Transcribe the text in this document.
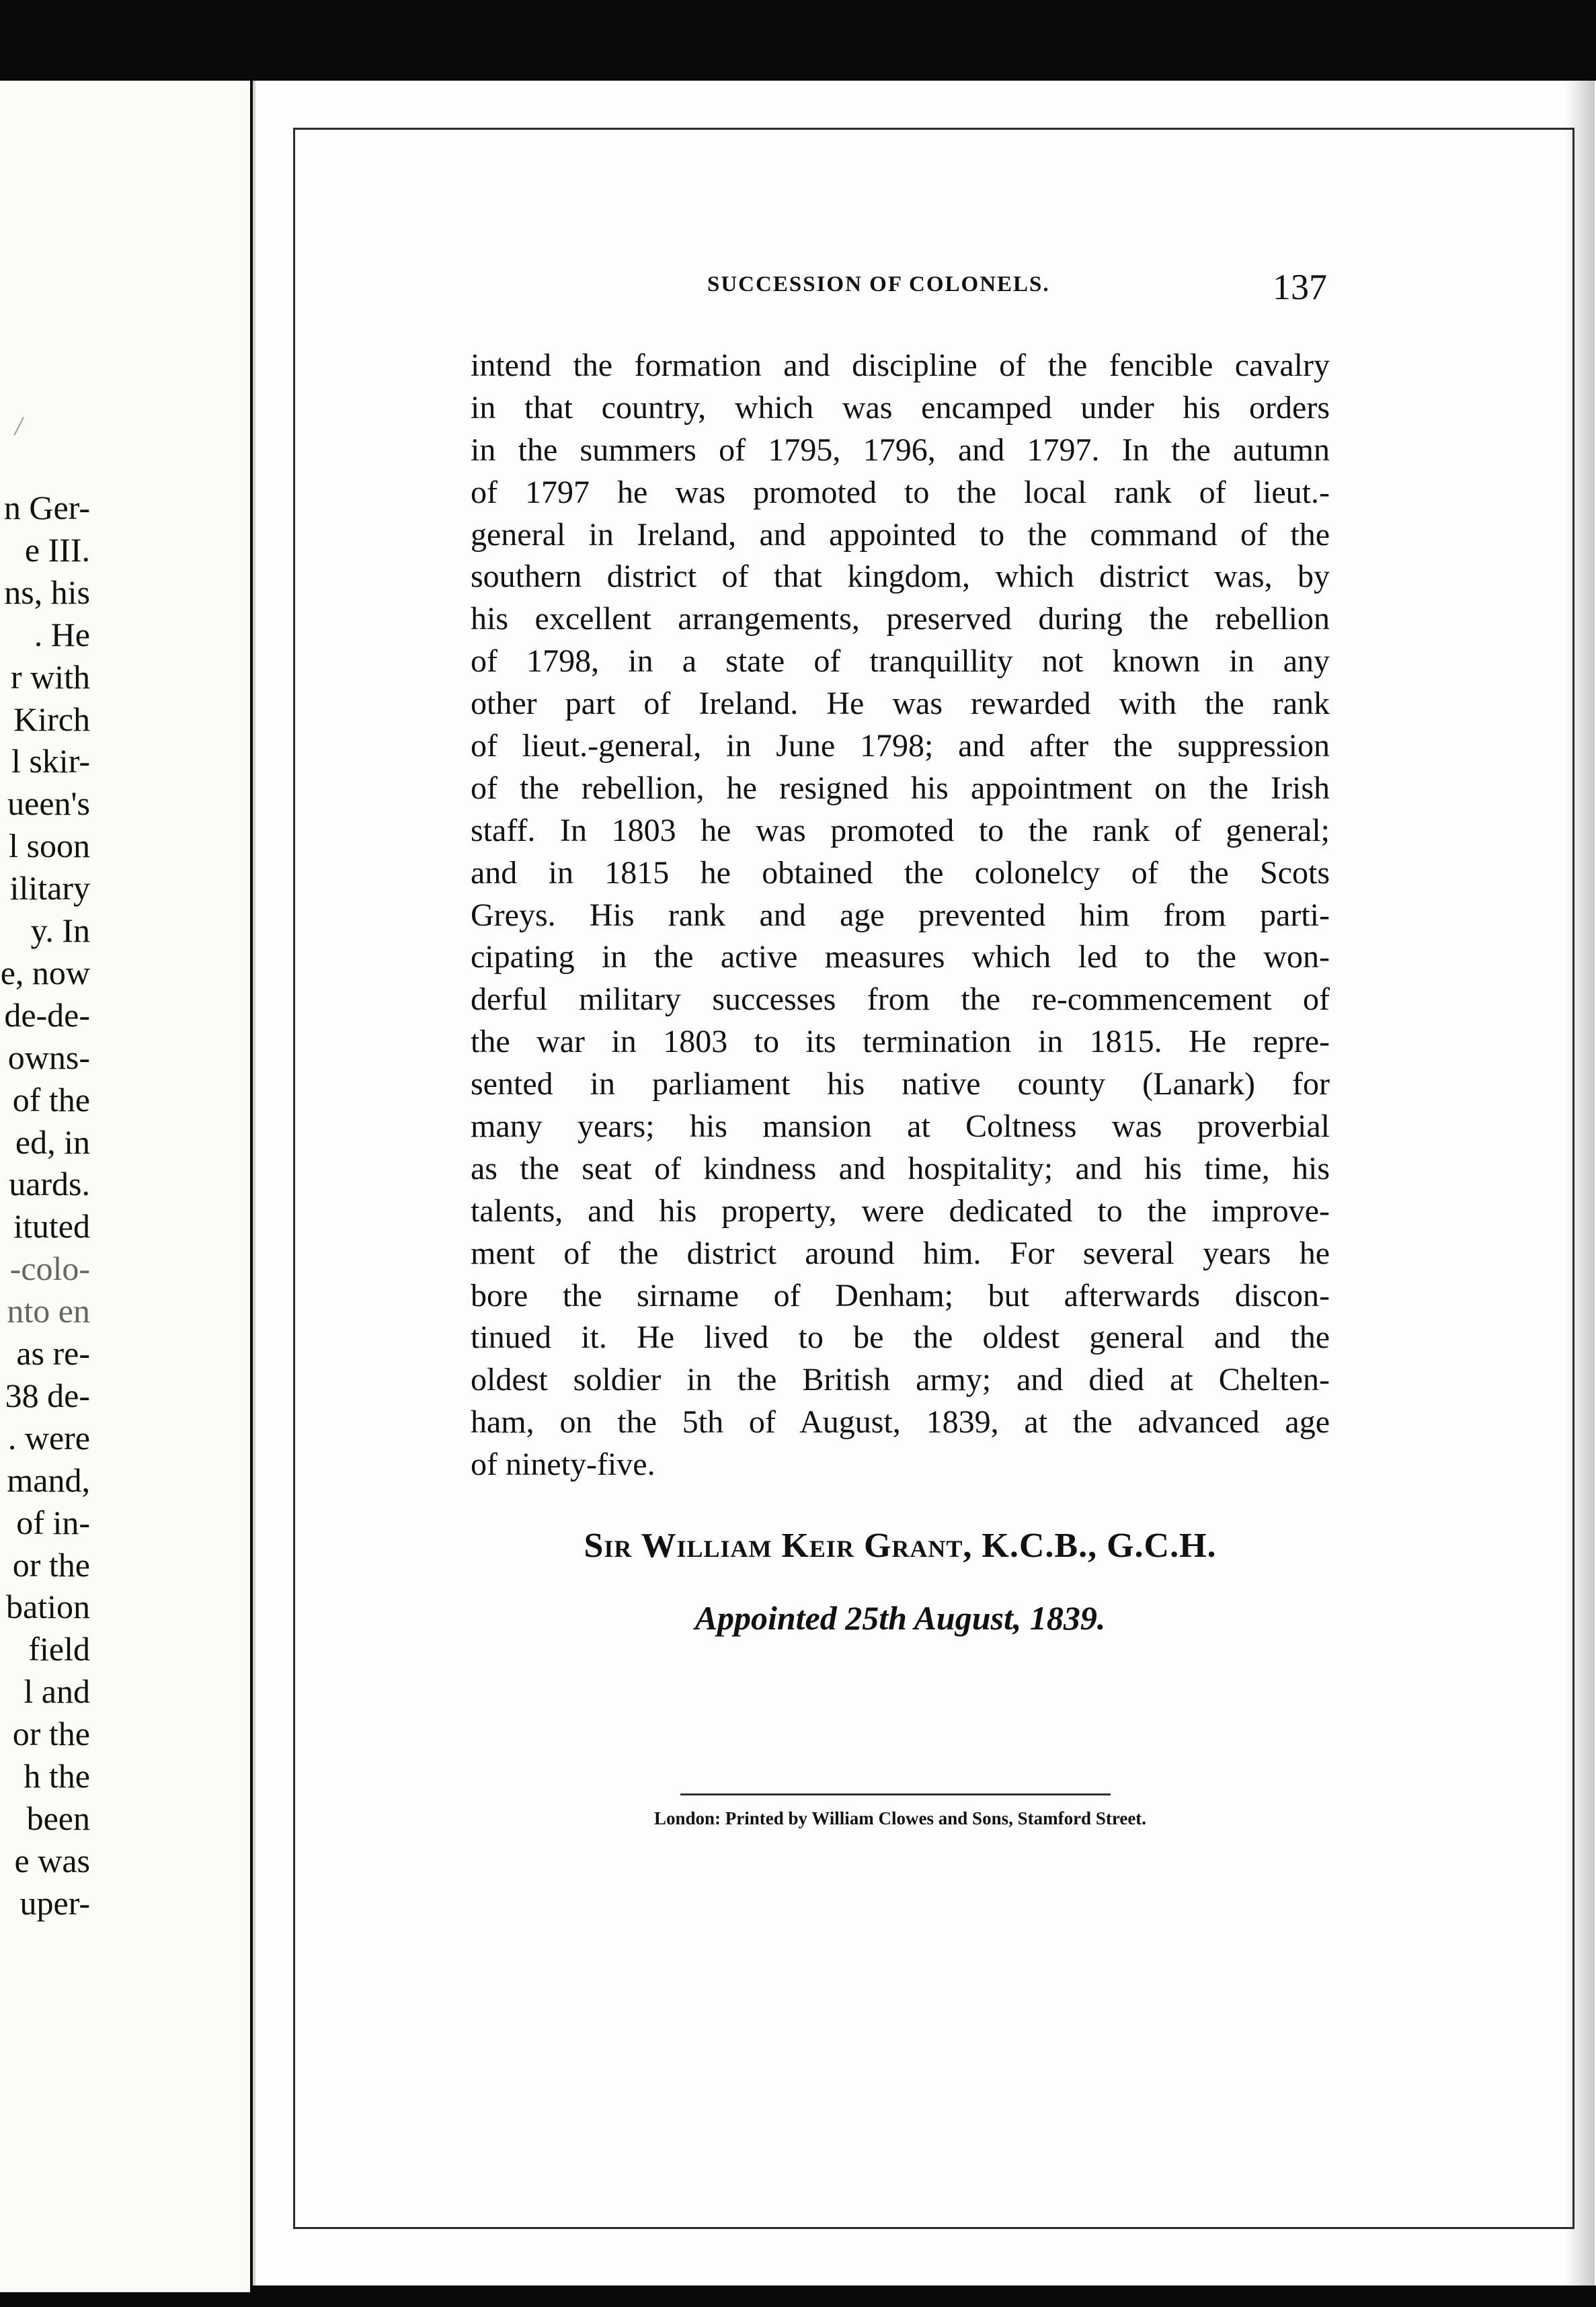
/
n Ger-
e III.
ns, his
. He
r with
Kirch
l skir-
ueen's
l soon
ilitary
y. In
e, now
de-de-
owns-
of the
ed, in
uards.
ituted
-colo-
nto en
as re-
38 de-
. were
mand,
of in-
or the
bation
field
l and
or the
h the
been
e was
uper-
SUCCESSION OF COLONELS.	137
intend the formation and discipline of the fencible cavalry
in that country, which was encamped under his orders
in the summers of 1795, 1796, and 1797. In the autumn
of 1797 he was promoted to the local rank of lieut.-
general in Ireland, and appointed to the command of the
southern district of that kingdom, which district was, by
his excellent arrangements, preserved during the rebellion
of 1798, in a state of tranquillity not known in any
other part of Ireland. He was rewarded with the rank
of lieut.-general, in June 1798; and after the suppression
of the rebellion, he resigned his appointment on the Irish
staff. In 1803 he was promoted to the rank of general;
and in 1815 he obtained the colonelcy of the Scots
Greys. His rank and age prevented him from parti-
cipating in the active measures which led to the won-
derful military successes from the re-commencement of
the war in 1803 to its termination in 1815. He repre-
sented in parliament his native county (Lanark) for
many years; his mansion at Coltness was proverbial
as the seat of kindness and hospitality; and his time, his
talents, and his property, were dedicated to the improve-
ment of the district around him. For several years he
bore the sirname of Denham; but afterwards discon-
tinued it. He lived to be the oldest general and the
oldest soldier in the British army; and died at Chelten-
ham, on the 5th of August, 1839, at the advanced age
of ninety-five.
Sir William Keir Grant, K.C.B., G.C.H.
Appointed 25th August, 1839.
London: Printed by William Clowes and Sons, Stamford Street.
